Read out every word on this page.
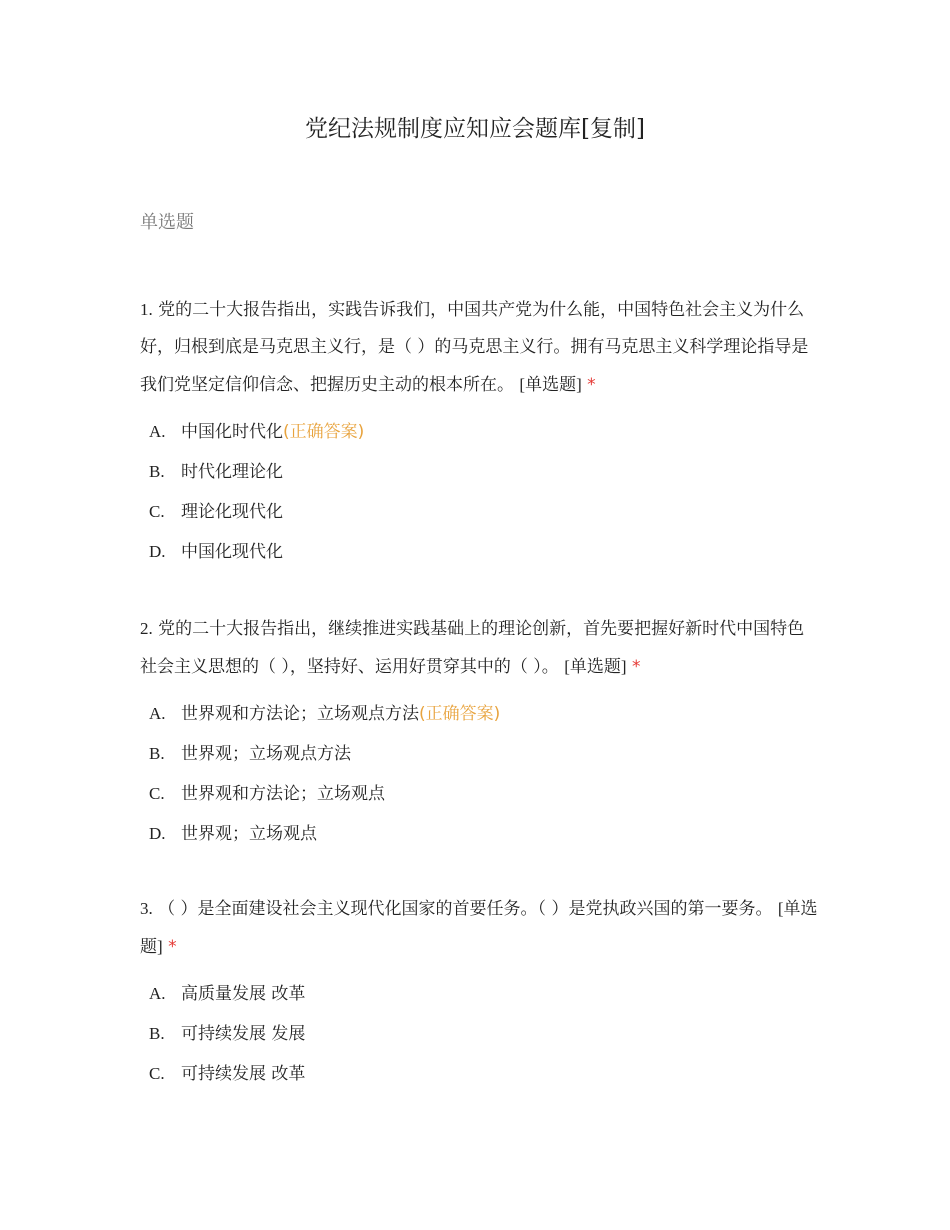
党纪法规制度应知应会题库[复制]
单选题

1. 党的二十大报告指出，实践告诉我们，中国共产党为什么能，中国特色社会主义为什么好，归根到底是马克思主义行，是（ ）的马克思主义行。拥有马克思主义科学理论指导是我们党坚定信仰信念、把握历史主动的根本所在。 [单选题] *

A. 中国化时代化(正确答案)
B. 时代化理论化
C. 理论化现代化
D. 中国化现代化

2. 党的二十大报告指出，继续推进实践基础上的理论创新，首先要把握好新时代中国特色社会主义思想的（ ），坚持好、运用好贯穿其中的（ ）。 [单选题] *

A. 世界观和方法论；立场观点方法(正确答案)
B. 世界观；立场观点方法
C. 世界观和方法论；立场观点
D. 世界观；立场观点

3. （ ）是全面建设社会主义现代化国家的首要任务。（ ）是党执政兴国的第一要务。 [单选题] *

A. 高质量发展 改革
B. 可持续发展 发展
C. 可持续发展 改革
